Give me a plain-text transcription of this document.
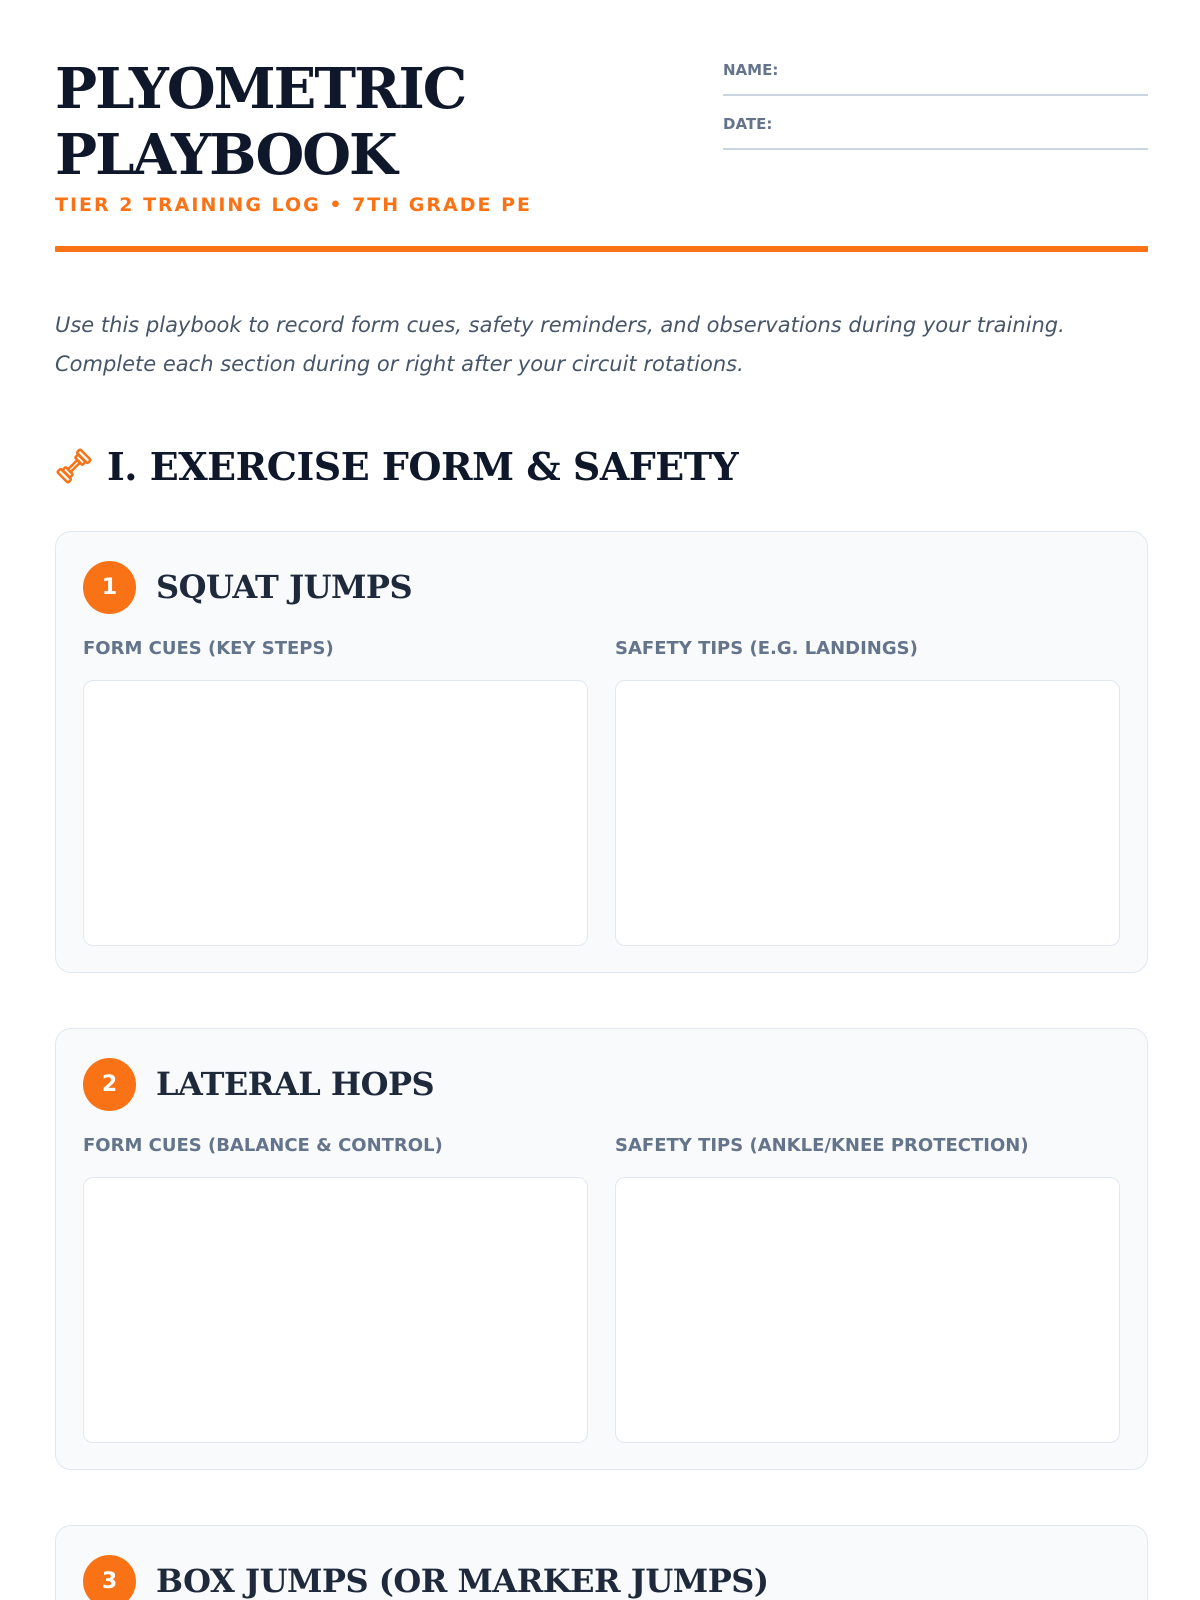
PLYOMETRIC
PLAYBOOK
TIER 2 TRAINING LOG • 7TH GRADE PE
NAME:
DATE:

Use this playbook to record form cues, safety reminders, and observations during your training.
Complete each section during or right after your circuit rotations.

I. EXERCISE FORM & SAFETY
1	SQUAT JUMPS
FORM CUES (KEY STEPS)	SAFETY TIPS (E.G. LANDINGS)
2	LATERAL HOPS
FORM CUES (BALANCE & CONTROL)	SAFETY TIPS (ANKLE/KNEE PROTECTION)
3	BOX JUMPS (OR MARKER JUMPS)
